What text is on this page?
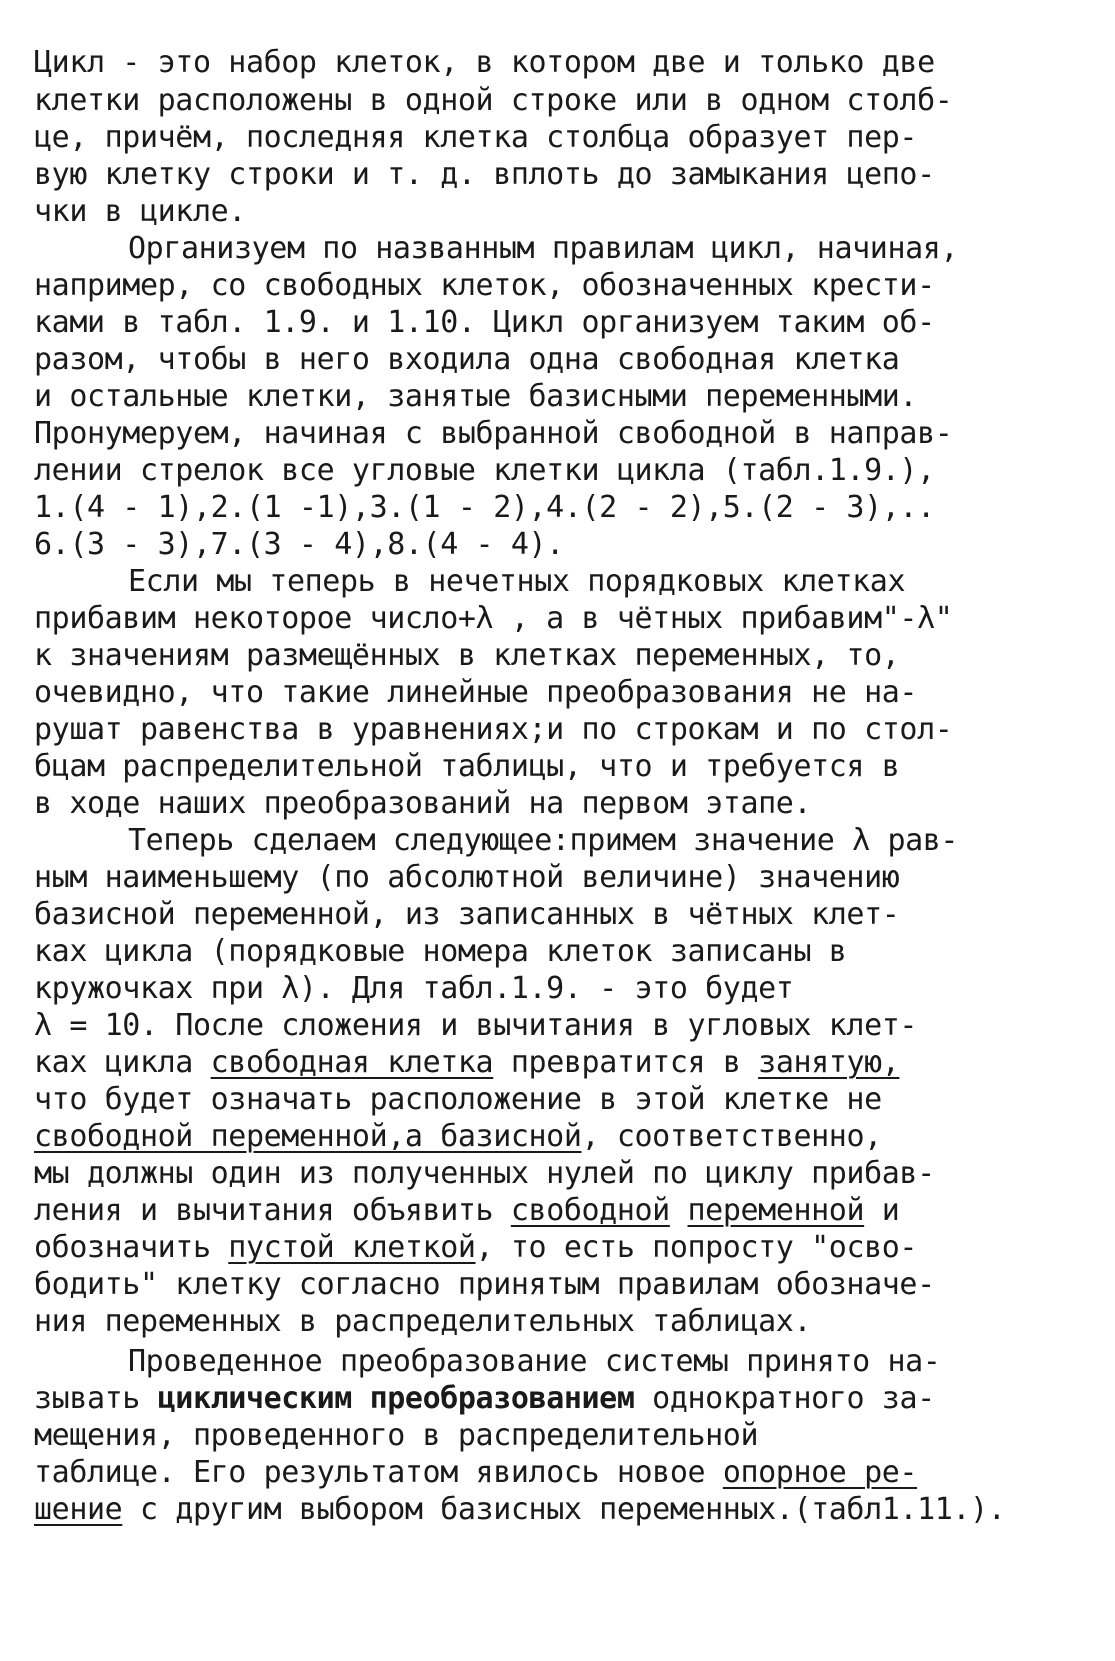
Цикл - это набор клеток, в котором две и только две
клетки расположены в одной строке или в одном столб-
це, причём, последняя клетка столбца образует пер-
вую клетку строки и т. д. вплоть до замыкания цепо-
чки в цикле.
Организуем по названным правилам цикл, начиная,
например, со свободных клеток, обозначенных кpести-
ками в табл. 1.9. и 1.10. Цикл организуем таким об-
разом, чтобы в него входила одна свободная клетка
и остальные клетки, занятые базисными переменными.
Пронумеруем, начиная с выбранной свободной в направ-
лении стрелок все угловые клетки цикла (табл.1.9.),
1.(4 - 1),2.(1 -1),3.(1 - 2),4.(2 - 2),5.(2 - 3),..
6.(3 - 3),7.(3 - 4),8.(4 - 4).
Если мы теперь в нечетных порядковых клетках
прибавим некоторое число+λ , а в чётных прибавим"-λ"
к значениям размещённых в клетках переменных, то,
очевидно, что такие линейные преобразования не на-
рушат равенства в уравнениях;и по строкам и по стол-
бцам распределительной таблицы, что и требуется в
в ходе наших преобразований на первом этапе.
Теперь сделаем следующее:примем значение λ рав-
ным наименьшему (по абсолютной величине) значению
базисной переменной, из записанных в чётных клет-
ках цикла (порядковые номера клеток записаны в
кружочках при λ). Для табл.1.9. - это будет
λ = 10. После сложения и вычитания в угловых клет-
ках цикла свободная клетка превратится в занятую,
что будет означать расположение в этой клетке не
свободной переменной,а базисной, соответственно,
мы должны один из полученных нулей по циклу прибав-
ления и вычитания объявить свободной переменной и
обозначить пустой клеткой, то есть попросту "осво-
бодить" клетку согласно принятым правилам обозначе-
ния переменных в распределительных таблицах.
Проведенное преобразование системы принято на-
зывать циклическим преобразованием однократного за-
мещения, проведенного в распределительной
таблице. Его результатом явилось новое опорное ре-
шение с другим выбором базисных переменных.(табл1.11.).
